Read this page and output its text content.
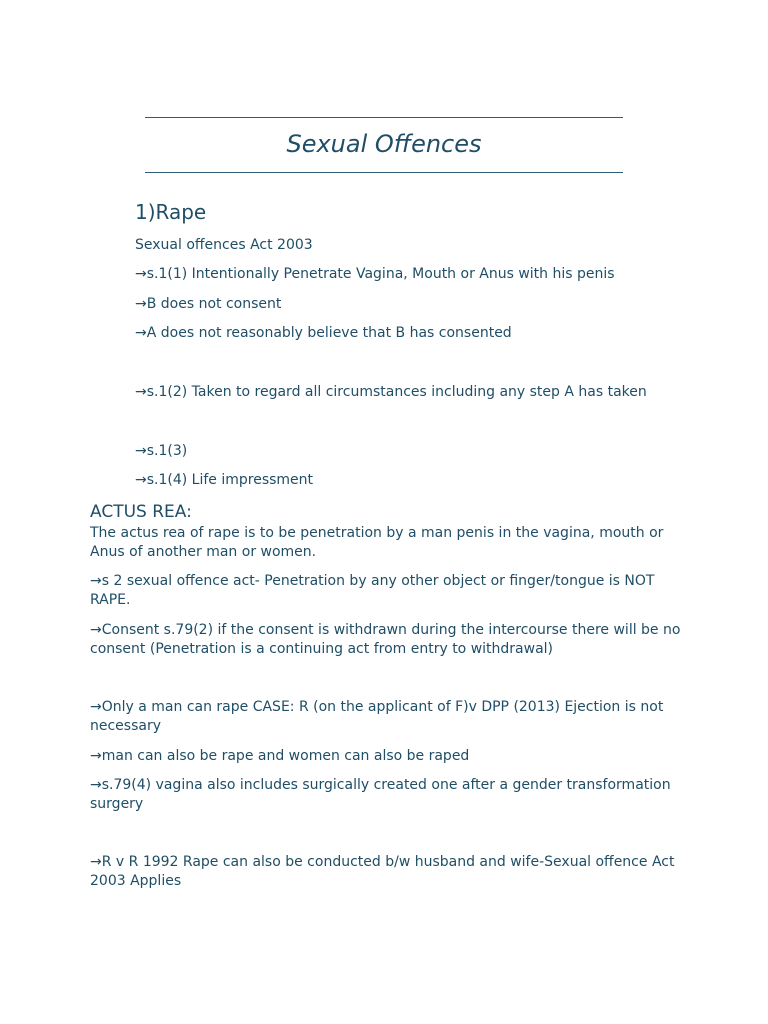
Sexual Offences
1)Rape
Sexual offences Act 2003
→s.1(1) Intentionally Penetrate Vagina, Mouth or Anus with his penis
→B does not consent
→A does not reasonably believe that B has consented
→s.1(2) Taken to regard all circumstances including any step A has taken
→s.1(3)
→s.1(4) Life impressment
ACTUS REA:
The actus rea of rape is to be penetration by a man penis in the vagina, mouth or Anus of another man or women.
→s 2 sexual offence act- Penetration by any other object or finger/tongue is NOT RAPE.
→Consent s.79(2) if the consent is withdrawn during the intercourse there will be no consent (Penetration is a continuing act from entry to withdrawal)
→Only a man can rape CASE: R (on the applicant of F)v DPP (2013) Ejection is not necessary
→man can also be rape and women can also be raped
→s.79(4) vagina also includes surgically created one after a gender transformation surgery
→R v R 1992 Rape can also be conducted b/w husband and wife-Sexual offence Act 2003 Applies
